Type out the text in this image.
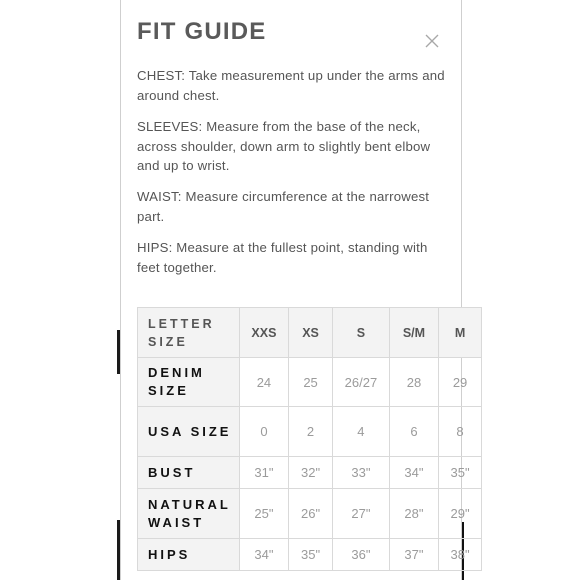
FIT GUIDE

CHEST: Take measurement up under the arms and around chest.

SLEEVES: Measure from the base of the neck, across shoulder, down arm to slightly bent elbow and up to wrist.

WAIST: Measure circumference at the narrowest part.

HIPS: Measure at the fullest point, standing with feet together.

LETTER SIZE	XXS	XS	S	S/M	M
DENIM SIZE	24	25	26/27	28	29
USA SIZE	0	2	4	6	8
BUST	31"	32"	33"	34"	35"
NATURAL WAIST	25"	26"	27"	28"	29"
HIPS	34"	35"	36"	37"	38"
